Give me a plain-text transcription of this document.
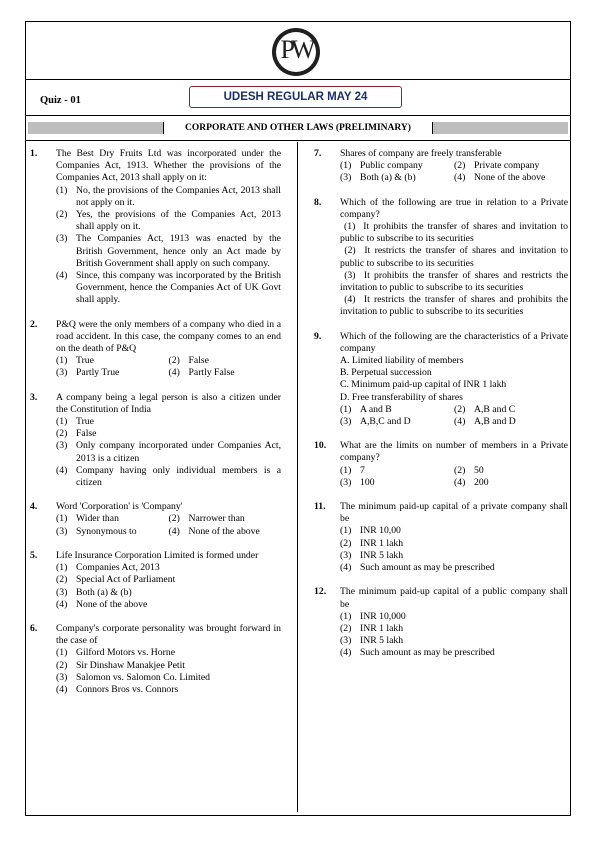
PW
Quiz - 01	UDESH REGULAR MAY 24
CORPORATE AND OTHER LAWS (PRELIMINARY)
1. The Best Dry Fruits Ltd was incorporated under the Companies Act, 1913. Whether the provisions of the Companies Act, 2013 shall apply on it:
(1) No, the provisions of the Companies Act, 2013 shall not apply on it.
(2) Yes, the provisions of the Companies Act, 2013 shall apply on it.
(3) The Companies Act, 1913 was enacted by the British Government, hence only an Act made by British Government shall apply on such company.
(4) Since, this company was incorporated by the British Government, hence the Companies Act of UK Govt shall apply.
2. P&Q were the only members of a company who died in a road accident. In this case, the company comes to an end on the death of P&Q
(1) True	(2) False
(3) Partly True	(4) Partly False
3. A company being a legal person is also a citizen under the Constitution of India
(1) True
(2) False
(3) Only company incorporated under Companies Act, 2013 is a citizen
(4) Company having only individual members is a citizen
4. Word 'Corporation' is 'Company'
(1) Wider than	(2) Narrower than
(3) Synonymous to	(4) None of the above
5. Life Insurance Corporation Limited is formed under
(1) Companies Act, 2013
(2) Special Act of Parliament
(3) Both (a) & (b)
(4) None of the above
6. Company's corporate personality was brought forward in the case of
(1) Gilford Motors vs. Horne
(2) Sir Dinshaw Manakjee Petit
(3) Salomon vs. Salomon Co. Limited
(4) Connors Bros vs. Connors
7. Shares of company are freely transferable
(1) Public company	(2) Private company
(3) Both (a) & (b)	(4) None of the above
8. Which of the following are true in relation to a Private company?
(1) It prohibits the transfer of shares and invitation to public to subscribe to its securities
(2) It restricts the transfer of shares and invitation to public to subscribe to its securities
(3) It prohibits the transfer of shares and restricts the invitation to public to subscribe to its securities
(4) It restricts the transfer of shares and prohibits the invitation to public to subscribe to its securities
9. Which of the following are the characteristics of a Private company
A. Limited liability of members
B. Perpetual succession
C. Minimum paid-up capital of INR 1 lakh
D. Free transferability of shares
(1) A and B	(2) A,B and C
(3) A,B,C and D	(4) A,B and D
10. What are the limits on number of members in a Private company?
(1) 7	(2) 50
(3) 100	(4) 200
11. The minimum paid-up capital of a private company shall be
(1) INR 10,00
(2) INR 1 lakh
(3) INR 5 lakh
(4) Such amount as may be prescribed
12. The minimum paid-up capital of a public company shall be
(1) INR 10,000
(2) INR 1 lakh
(3) INR 5 lakh
(4) Such amount as may be prescribed
